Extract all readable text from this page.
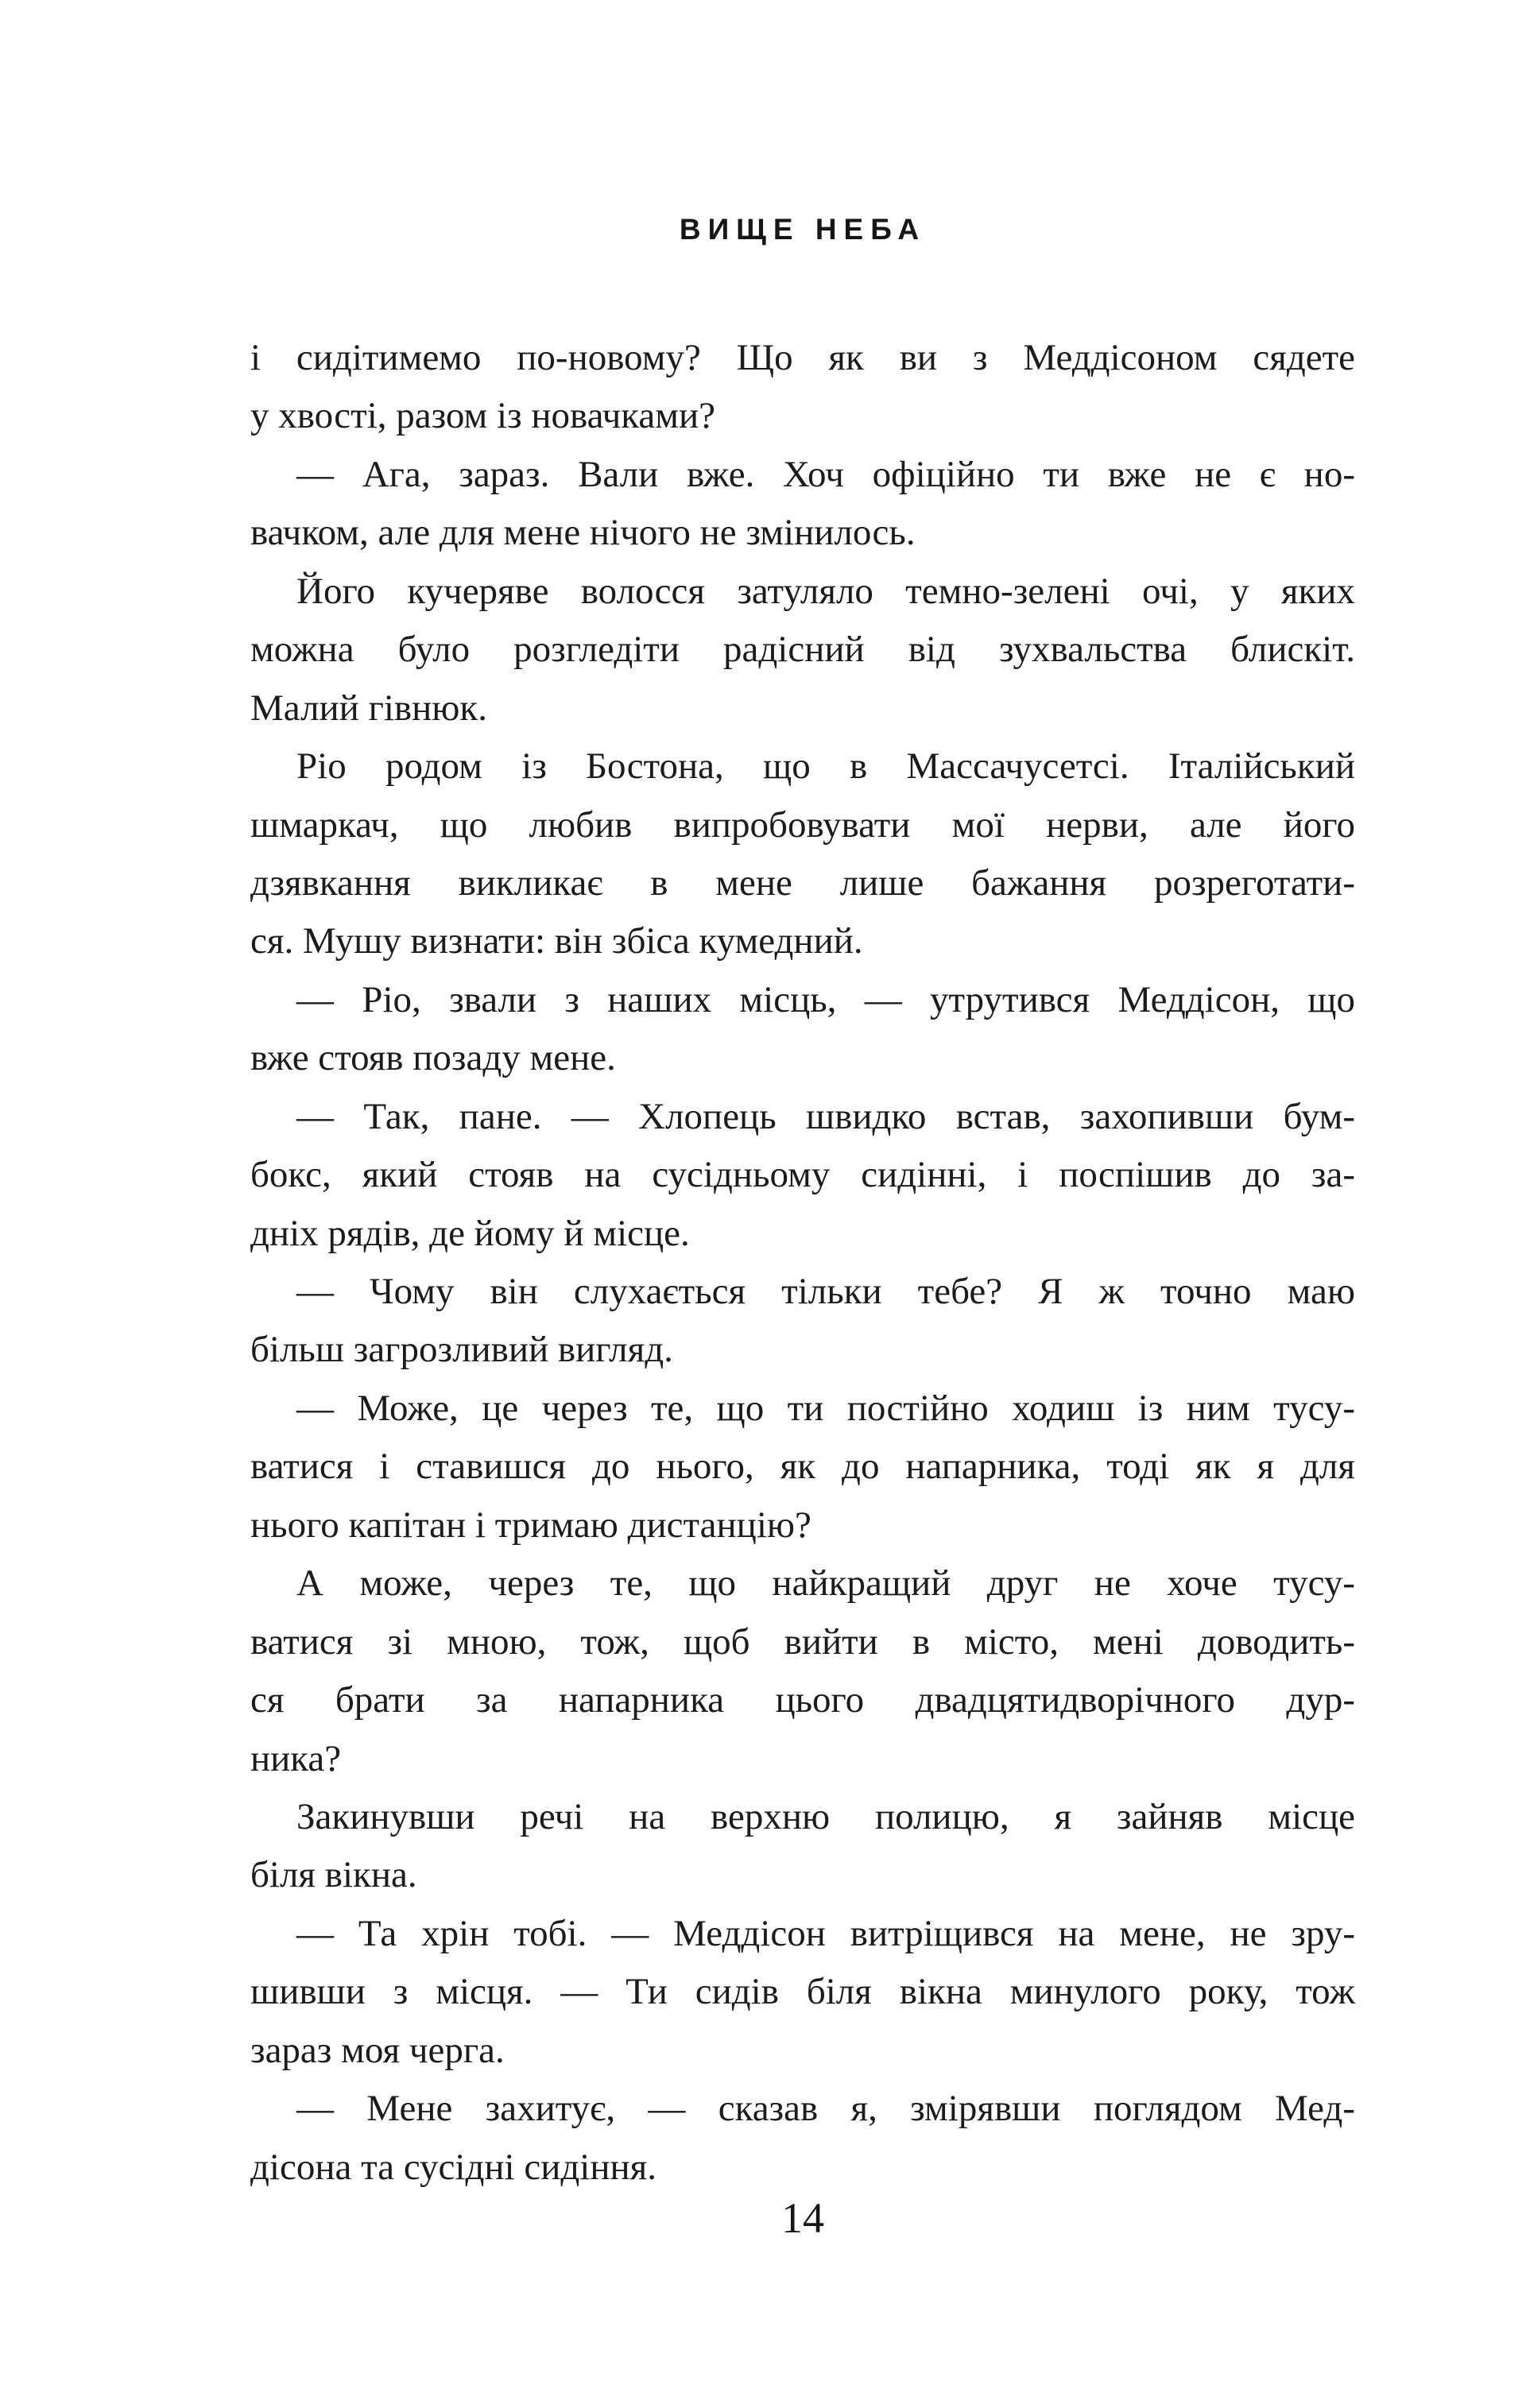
ВИЩЕ НЕБА
і сидітимемо по-новому? Що як ви з Меддісоном сядете
у хвості, разом із новачками?
— Ага, зараз. Вали вже. Хоч офіційно ти вже не є но-
вачком, але для мене нічого не змінилось.
Його кучеряве волосся затуляло темно-зелені очі, у яких
можна було розгледіти радісний від зухвальства блискіт.
Малий гівнюк.
Ріо родом із Бостона, що в Массачусетсі. Італійський
шмаркач, що любив випробовувати мої нерви, але його
дзявкання викликає в мене лише бажання розреготати-
ся. Мушу визнати: він збіса кумедний.
— Ріо, звали з наших місць, — утрутився Меддісон, що
вже стояв позаду мене.
— Так, пане. — Хлопець швидко встав, захопивши бум-
бокс, який стояв на сусідньому сидінні, і поспішив до за-
дніх рядів, де йому й місце.
— Чому він слухається тільки тебе? Я ж точно маю
більш загрозливий вигляд.
— Може, це через те, що ти постійно ходиш із ним тусу-
ватися і ставишся до нього, як до напарника, тоді як я для
нього капітан і тримаю дистанцію?
А може, через те, що найкращий друг не хоче тусу-
ватися зі мною, тож, щоб вийти в місто, мені доводить-
ся брати за напарника цього двадцятидворічного дур-
ника?
Закинувши речі на верхню полицю, я зайняв місце
біля вікна.
— Та хрін тобі. — Меддісон витріщився на мене, не зру-
шивши з місця. — Ти сидів біля вікна минулого року, тож
зараз моя черга.
— Мене захитує, — сказав я, змірявши поглядом Мед-
дісона та сусідні сидіння.
14
